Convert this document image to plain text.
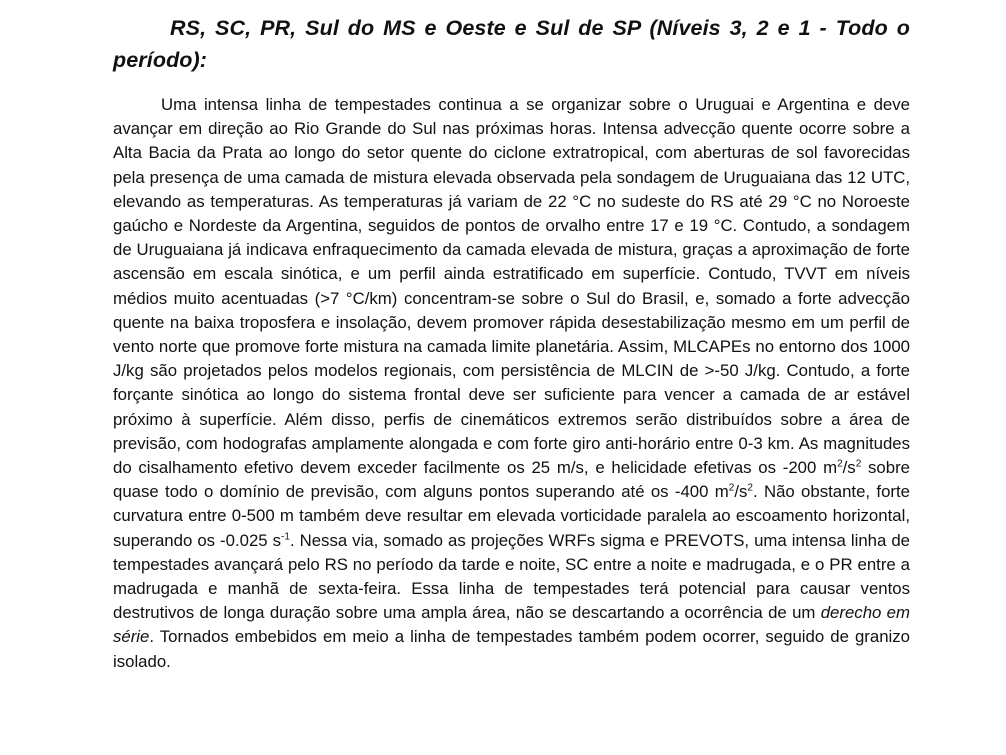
RS, SC, PR, Sul do MS e Oeste e Sul de SP (Níveis 3, 2 e 1 - Todo o período):

Uma intensa linha de tempestades continua a se organizar sobre o Uruguai e Argentina e deve avançar em direção ao Rio Grande do Sul nas próximas horas. Intensa advecção quente ocorre sobre a Alta Bacia da Prata ao longo do setor quente do ciclone extratropical, com aberturas de sol favorecidas pela presença de uma camada de mistura elevada observada pela sondagem de Uruguaiana das 12 UTC, elevando as temperaturas. As temperaturas já variam de 22 °C no sudeste do RS até 29 °C no Noroeste gaúcho e Nordeste da Argentina, seguidos de pontos de orvalho entre 17 e 19 °C. Contudo, a sondagem de Uruguaiana já indicava enfraquecimento da camada elevada de mistura, graças a aproximação de forte ascensão em escala sinótica, e um perfil ainda estratificado em superfície. Contudo, TVVT em níveis médios muito acentuadas (>7 °C/km) concentram-se sobre o Sul do Brasil, e, somado a forte advecção quente na baixa troposfera e insolação, devem promover rápida desestabilização mesmo em um perfil de vento norte que promove forte mistura na camada limite planetária. Assim, MLCAPEs no entorno dos 1000 J/kg são projetados pelos modelos regionais, com persistência de MLCIN de >-50 J/kg. Contudo, a forte forçante sinótica ao longo do sistema frontal deve ser suficiente para vencer a camada de ar estável próximo à superfície. Além disso, perfis de cinemáticos extremos serão distribuídos sobre a área de previsão, com hodografas amplamente alongada e com forte giro anti-horário entre 0-3 km. As magnitudes do cisalhamento efetivo devem exceder facilmente os 25 m/s, e helicidade efetivas os -200 $m^2/s^2$ sobre quase todo o domínio de previsão, com alguns pontos superando até os -400 $m^2/s^2$. Não obstante, forte curvatura entre 0-500 m também deve resultar em elevada vorticidade paralela ao escoamento horizontal, superando os -0.025 $s^{-1}$. Nessa via, somado as projeções WRFs sigma e PREVOTS, uma intensa linha de tempestades avançará pelo RS no período da tarde e noite, SC entre a noite e madrugada, e o PR entre a madrugada e manhã de sexta-feira. Essa linha de tempestades terá potencial para causar ventos destrutivos de longa duração sobre uma ampla área, não se descartando a ocorrência de um derecho em série. Tornados embebidos em meio a linha de tempestades também podem ocorrer, seguido de granizo isolado.
